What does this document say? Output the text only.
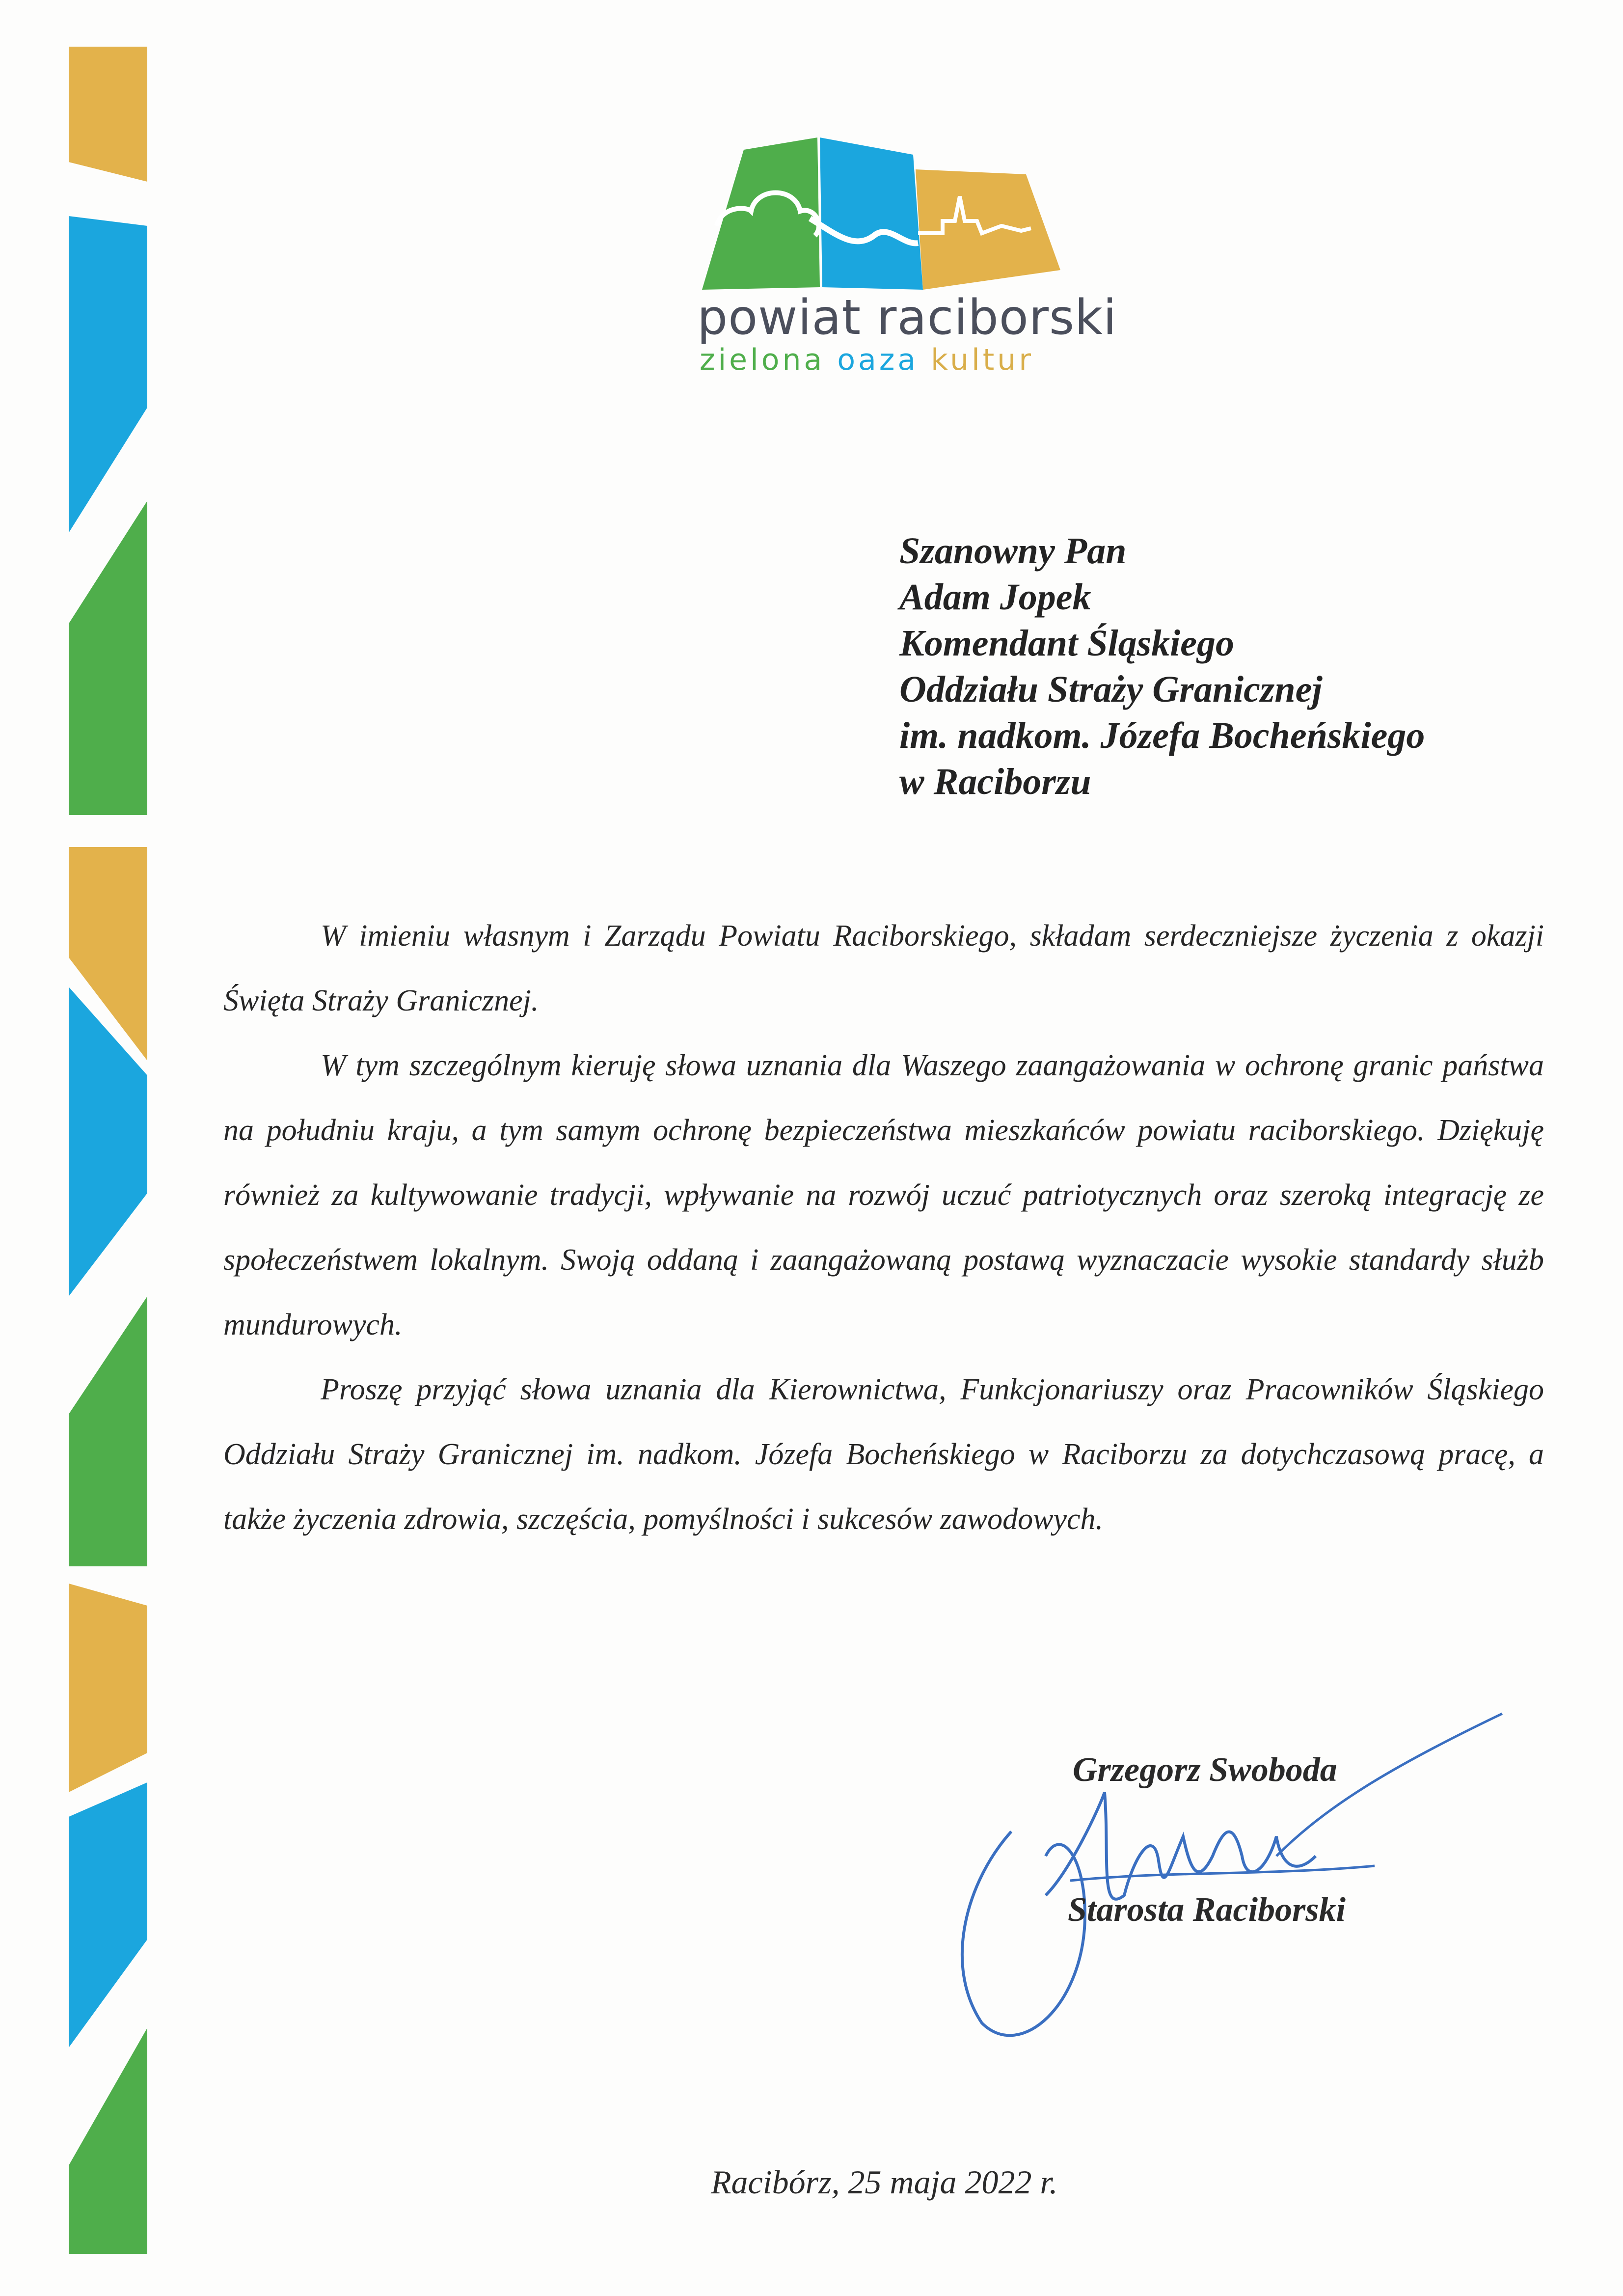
powiat raciborski
zielona oaza kultur
Szanowny Pan
Adam Jopek
Komendant Śląskiego
Oddziału Straży Granicznej
im. nadkom. Józefa Bocheńskiego
w Raciborzu

W imieniu własnym i Zarządu Powiatu Raciborskiego, składam serdeczniejsze życzenia z okazji Święta Straży Granicznej.

W tym szczególnym kieruję słowa uznania dla Waszego zaangażowania w ochronę granic państwa na południu kraju, a tym samym ochronę bezpieczeństwa mieszkańców powiatu raciborskiego. Dziękuję również za kultywowanie tradycji, wpływanie na rozwój uczuć patriotycznych oraz szeroką integrację ze społeczeństwem lokalnym. Swoją oddaną i zaangażowaną postawą wyznaczacie wysokie standardy służb mundurowych.

Proszę przyjąć słowa uznania dla Kierownictwa, Funkcjonariuszy oraz Pracowników Śląskiego Oddziału Straży Granicznej im. nadkom. Józefa Bocheńskiego w Raciborzu za dotychczasową pracę, a także życzenia zdrowia, szczęścia, pomyślności i sukcesów zawodowych.

Grzegorz Swoboda
Starosta Raciborski
Racibórz, 25 maja 2022 r.
